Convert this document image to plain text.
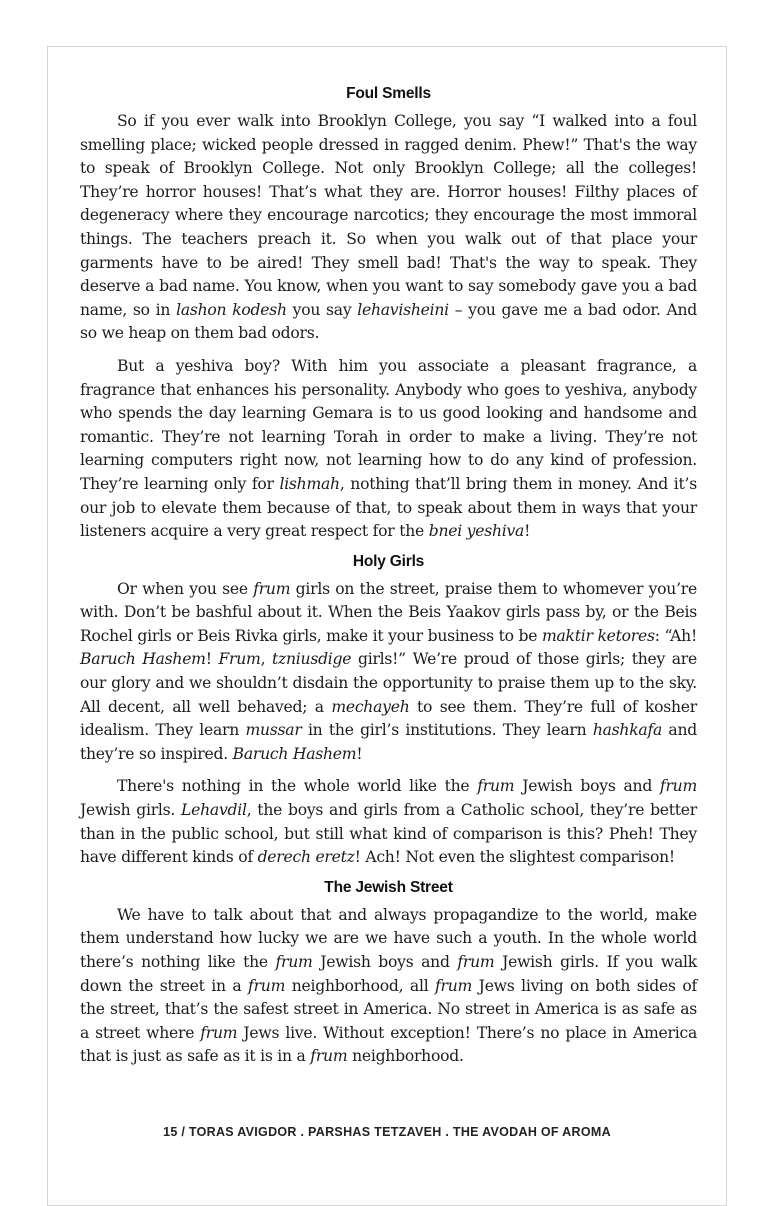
Foul Smells

So if you ever walk into Brooklyn College, you say “I walked into a foul smelling place; wicked people dressed in ragged denim. Phew!” That's the way to speak of Brooklyn College. Not only Brooklyn College; all the colleges! They’re horror houses! That’s what they are. Horror houses! Filthy places of degeneracy where they encourage narcotics; they encourage the most immoral things. The teachers preach it. So when you walk out of that place your garments have to be aired! They smell bad! That's the way to speak. They deserve a bad name. You know, when you want to say somebody gave you a bad name, so in lashon kodesh you say lehavisheini – you gave me a bad odor. And so we heap on them bad odors.

But a yeshiva boy? With him you associate a pleasant fragrance, a fragrance that enhances his personality. Anybody who goes to yeshiva, anybody who spends the day learning Gemara is to us good looking and handsome and romantic. They’re not learning Torah in order to make a living. They’re not learning computers right now, not learning how to do any kind of profession. They’re learning only for lishmah, nothing that’ll bring them in money. And it’s our job to elevate them because of that, to speak about them in ways that your listeners acquire a very great respect for the bnei yeshiva!

Holy Girls

Or when you see frum girls on the street, praise them to whomever you’re with. Don’t be bashful about it. When the Beis Yaakov girls pass by, or the Beis Rochel girls or Beis Rivka girls, make it your business to be maktir ketores: “Ah! Baruch Hashem! Frum, tzniusdige girls!” We’re proud of those girls; they are our glory and we shouldn’t disdain the opportunity to praise them up to the sky. All decent, all well behaved; a mechayeh to see them. They’re full of kosher idealism. They learn mussar in the girl’s institutions. They learn hashkafa and they’re so inspired. Baruch Hashem!

There's nothing in the whole world like the frum Jewish boys and frum Jewish girls. Lehavdil, the boys and girls from a Catholic school, they’re better than in the public school, but still what kind of comparison is this? Pheh! They have different kinds of derech eretz! Ach! Not even the slightest comparison!

The Jewish Street

We have to talk about that and always propagandize to the world, make them understand how lucky we are we have such a youth. In the whole world there’s nothing like the frum Jewish boys and frum Jewish girls. If you walk down the street in a frum neighborhood, all frum Jews living on both sides of the street, that’s the safest street in America. No street in America is as safe as a street where frum Jews live. Without exception! There’s no place in America that is just as safe as it is in a frum neighborhood.

15 / TORAS AVIGDOR . PARSHAS TETZAVEH . THE AVODAH OF AROMA
